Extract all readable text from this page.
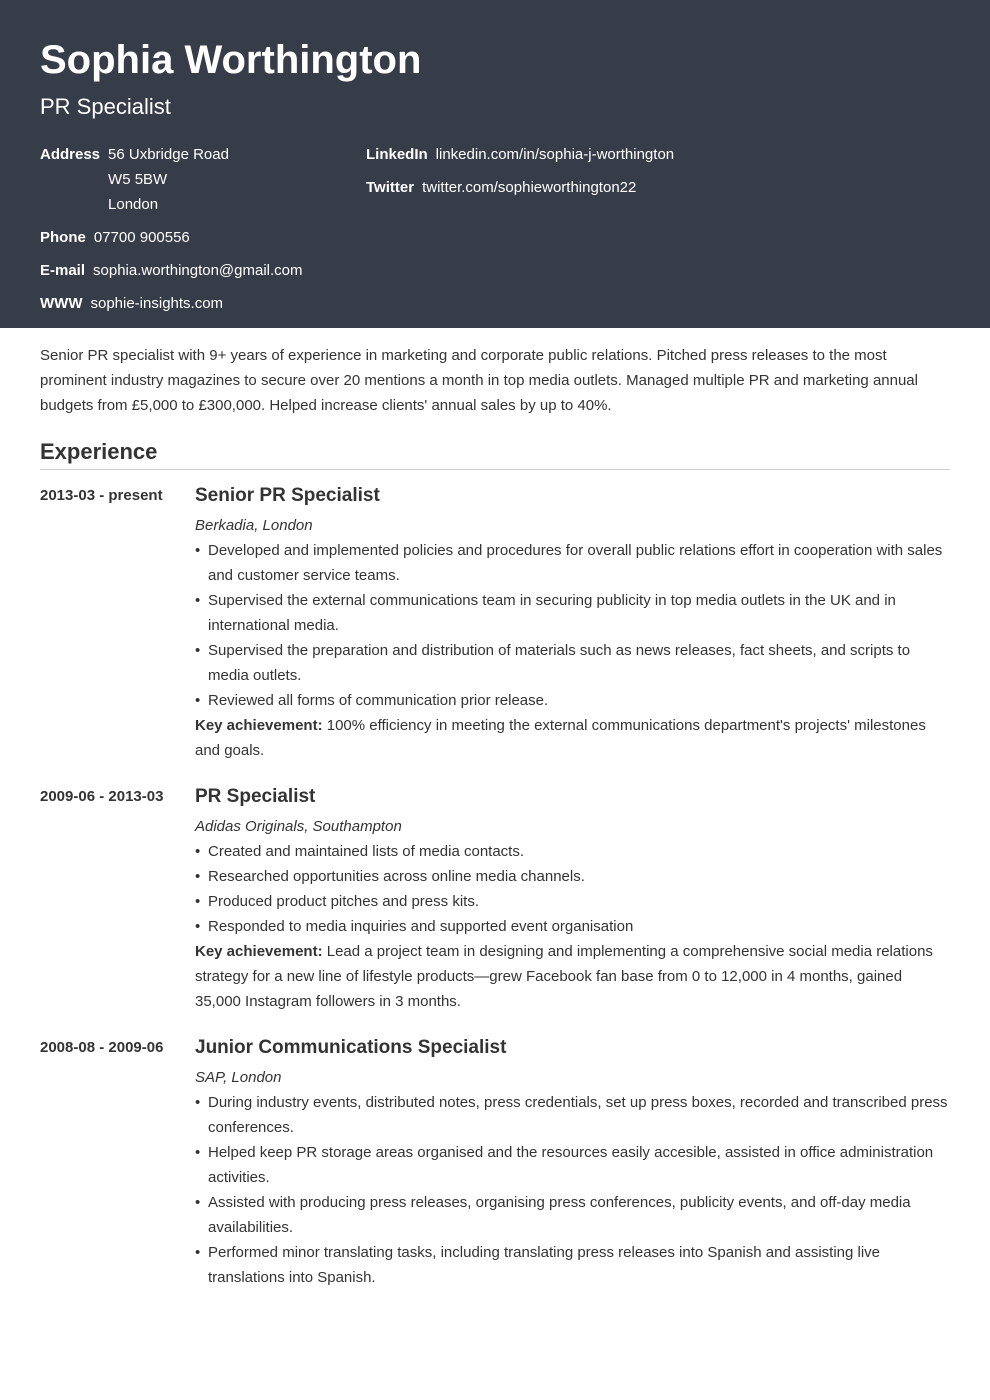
Sophia Worthington
PR Specialist
Address 56 Uxbridge Road
W5 5BW
London
Phone 07700 900556
E-mail sophia.worthington@gmail.com
WWW sophie-insights.com
LinkedIn linkedin.com/in/sophia-j-worthington
Twitter twitter.com/sophieworthington22
Senior PR specialist with 9+ years of experience in marketing and corporate public relations. Pitched press releases to the most prominent industry magazines to secure over 20 mentions a month in top media outlets. Managed multiple PR and marketing annual budgets from £5,000 to £300,000. Helped increase clients' annual sales by up to 40%.
Experience
2013-03 - present	Senior PR Specialist
Berkadia, London
• Developed and implemented policies and procedures for overall public relations effort in cooperation with sales and customer service teams.
• Supervised the external communications team in securing publicity in top media outlets in the UK and in international media.
• Supervised the preparation and distribution of materials such as news releases, fact sheets, and scripts to media outlets.
• Reviewed all forms of communication prior release.
Key achievement: 100% efficiency in meeting the external communications department's projects' milestones and goals.
2009-06 - 2013-03	PR Specialist
Adidas Originals, Southampton
• Created and maintained lists of media contacts.
• Researched opportunities across online media channels.
• Produced product pitches and press kits.
• Responded to media inquiries and supported event organisation
Key achievement: Lead a project team in designing and implementing a comprehensive social media relations strategy for a new line of lifestyle products—grew Facebook fan base from 0 to 12,000 in 4 months, gained 35,000 Instagram followers in 3 months.
2008-08 - 2009-06	Junior Communications Specialist
SAP, London
• During industry events, distributed notes, press credentials, set up press boxes, recorded and transcribed press conferences.
• Helped keep PR storage areas organised and the resources easily accesible, assisted in office administration activities.
• Assisted with producing press releases, organising press conferences, publicity events, and off-day media availabilities.
• Performed minor translating tasks, including translating press releases into Spanish and assisting live translations into Spanish.
